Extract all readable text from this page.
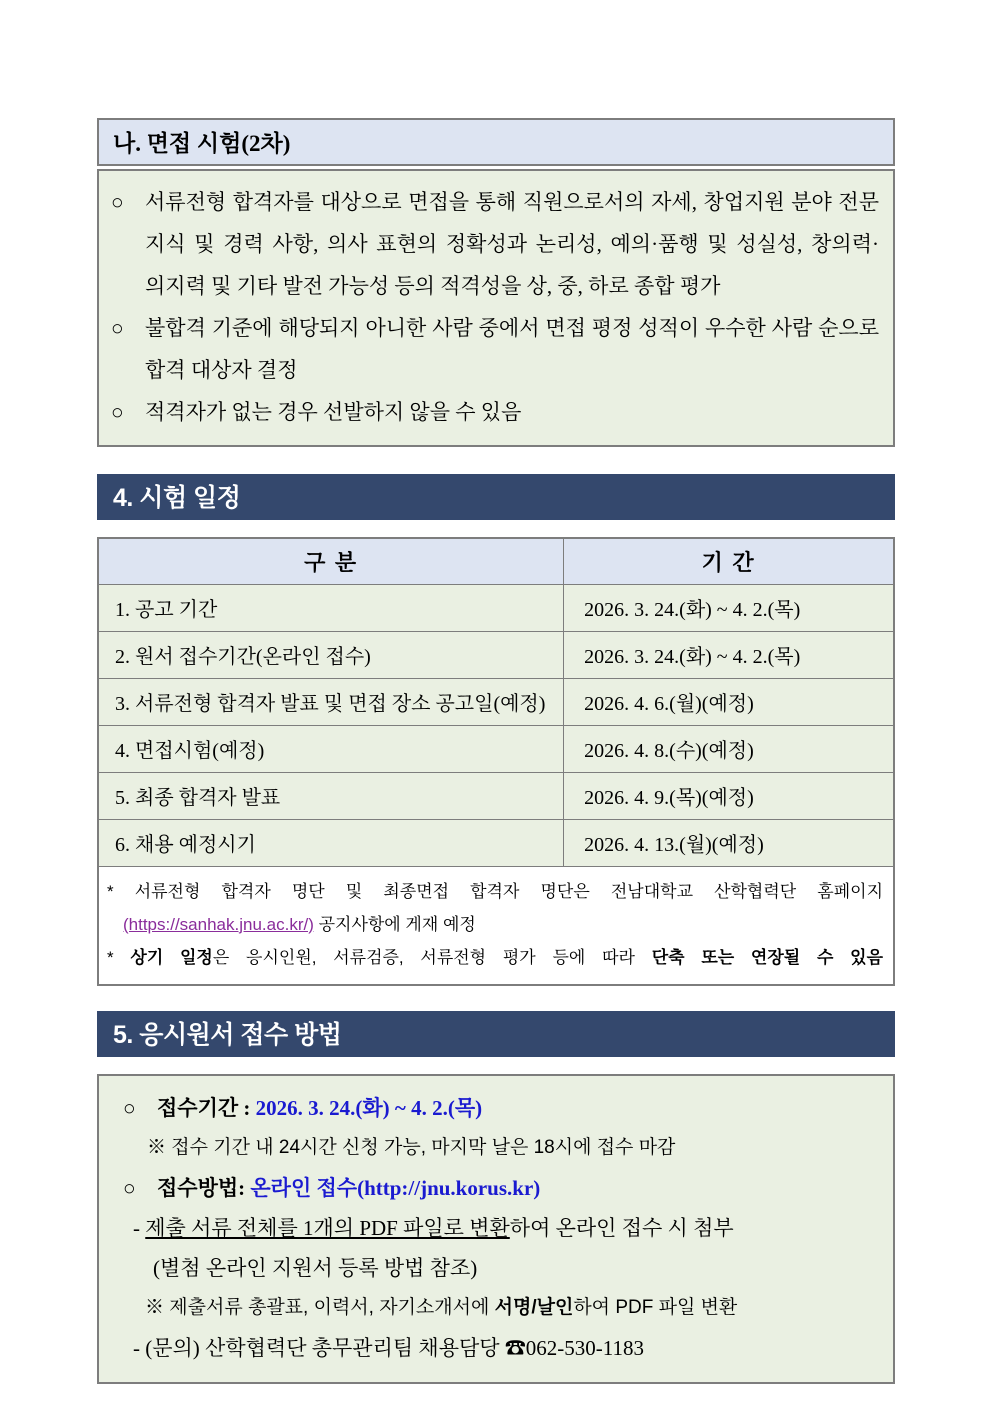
나. 면접 시험(2차)
○	서류전형 합격자를 대상으로 면접을 통해 직원으로서의 자세, 창업지원 분야 전문 지식 및 경력 사항, 의사 표현의 정확성과 논리성, 예의·품행 및 성실성, 창의력·의지력 및 기타 발전 가능성 등의 적격성을 상, 중, 하로 종합 평가
○	불합격 기준에 해당되지 아니한 사람 중에서 면접 평정 성적이 우수한 사람 순으로 합격 대상자 결정
○	적격자가 없는 경우 선발하지 않을 수 있음
4. 시험 일정
구 분	기 간
1. 공고 기간	2026. 3. 24.(화) ~ 4. 2.(목)
2. 원서 접수기간(온라인 접수)	2026. 3. 24.(화) ~ 4. 2.(목)
3. 서류전형 합격자 발표 및 면접 장소 공고일(예정)	2026. 4. 6.(월)(예정)
4. 면접시험(예정)	2026. 4. 8.(수)(예정)
5. 최종 합격자 발표	2026. 4. 9.(목)(예정)
6. 채용 예정시기	2026. 4. 13.(월)(예정)

* 서류전형 합격자 명단 및 최종면접 합격자 명단은 전남대학교 산학협력단 홈페이지
(https://sanhak.jnu.ac.kr/) 공지사항에 게재 예정
* 상기 일정은 응시인원, 서류검증, 서류전형 평가 등에 따라 단축 또는 연장될 수 있음	
5. 응시원서 접수 방법
○ 접수기간 : 2026. 3. 24.(화) ~ 4. 2.(목)
※ 접수 기간 내 24시간 신청 가능, 마지막 날은 18시에 접수 마감
○ 접수방법: 온라인 접수(http://jnu.korus.kr)
- 제출 서류 전체를 1개의 PDF 파일로 변환하여 온라인 접수 시 첨부
(별첨 온라인 지원서 등록 방법 참조)
※ 제출서류 총괄표, 이력서, 자기소개서에 서명/날인하여 PDF 파일 변환
- (문의) 산학협력단 총무관리팀 채용담당 ☎062-530-1183
